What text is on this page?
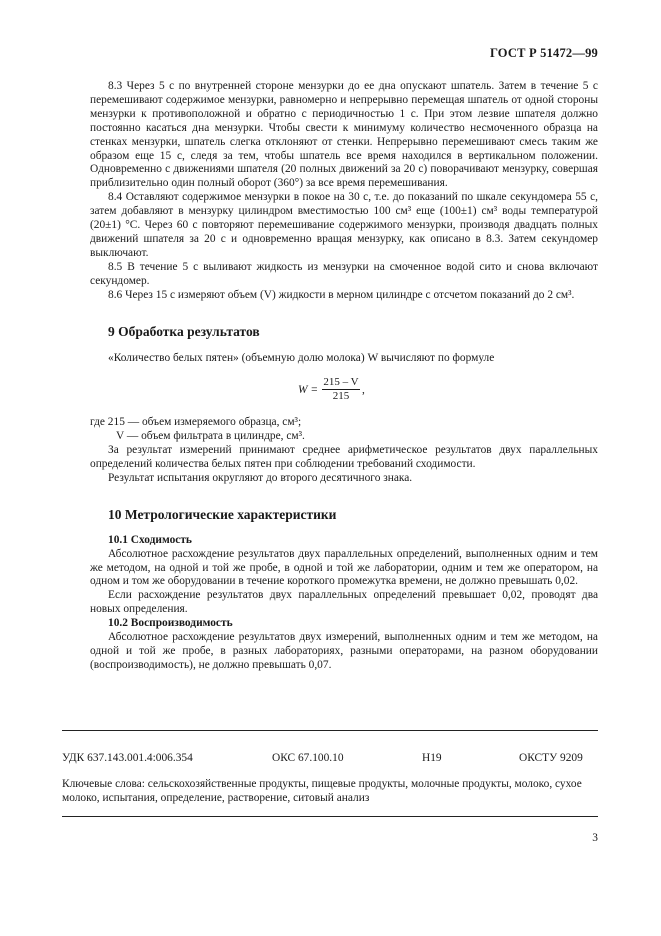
ГОСТ Р 51472—99

8.3 Через 5 с по внутренней стороне мензурки до ее дна опускают шпатель. Затем в течение 5 с перемешивают содержимое мензурки, равномерно и непрерывно перемещая шпатель от одной стороны мензурки к противоположной и обратно с периодичностью 1 с. При этом лезвие шпателя должно постоянно касаться дна мензурки. Чтобы свести к минимуму количество несмоченного образца на стенках мензурки, шпатель слегка отклоняют от стенки. Непрерывно перемешивают смесь таким же образом еще 15 с, следя за тем, чтобы шпатель все время находился в вертикальном положении. Одновременно с движениями шпателя (20 полных движений за 20 с) поворачивают мензурку, совершая приблизительно один полный оборот (360°) за все время перемешивания.

8.4 Оставляют содержимое мензурки в покое на 30 с, т.е. до показаний по шкале секундомера 55 с, затем добавляют в мензурку цилиндром вместимостью 100 см³ еще (100±1) см³ воды температурой (20±1) °С. Через 60 с повторяют перемешивание содержимого мензурки, производя двадцать полных движений шпателя за 20 с и одновременно вращая мензурку, как описано в 8.3. Затем секундомер выключают.

8.5 В течение 5 с выливают жидкость из мензурки на смоченное водой сито и снова включают секундомер.

8.6 Через 15 с измеряют объем (V) жидкости в мерном цилиндре с отсчетом показаний до 2 см³.

9 Обработка результатов

«Количество белых пятен» (объемную долю молока) W вычисляют по формуле

$W = \frac{215 - V}{215}$ ,

где 215 — объем измеряемого образца, см³;

V — объем фильтрата в цилиндре, см³.

За результат измерений принимают среднее арифметическое результатов двух параллельных определений количества белых пятен при соблюдении требований сходимости.

Результат испытания округляют до второго десятичного знака.

10 Метрологические характеристики
10.1 Сходимость

Абсолютное расхождение результатов двух параллельных определений, выполненных одним и тем же методом, на одной и той же пробе, в одной и той же лаборатории, одним и тем же оператором, на одном и том же оборудовании в течение короткого промежутка времени, не должно превышать 0,02.

Если расхождение результатов двух параллельных определений превышает 0,02, проводят два новых определения.

10.2 Воспроизводимость

Абсолютное расхождение результатов двух измерений, выполненных одним и тем же методом, на одной и той же пробе, в разных лабораториях, разными операторами, на разном оборудовании (воспроизводимость), не должно превышать 0,07.

УДК 637.143.001.4:006.354	ОКС 67.100.10	Н19	ОКСТУ 9209
Ключевые слова: сельскохозяйственные продукты, пищевые продукты, молочные продукты, молоко, сухое молоко, испытания, определение, растворение, ситовый анализ
3
